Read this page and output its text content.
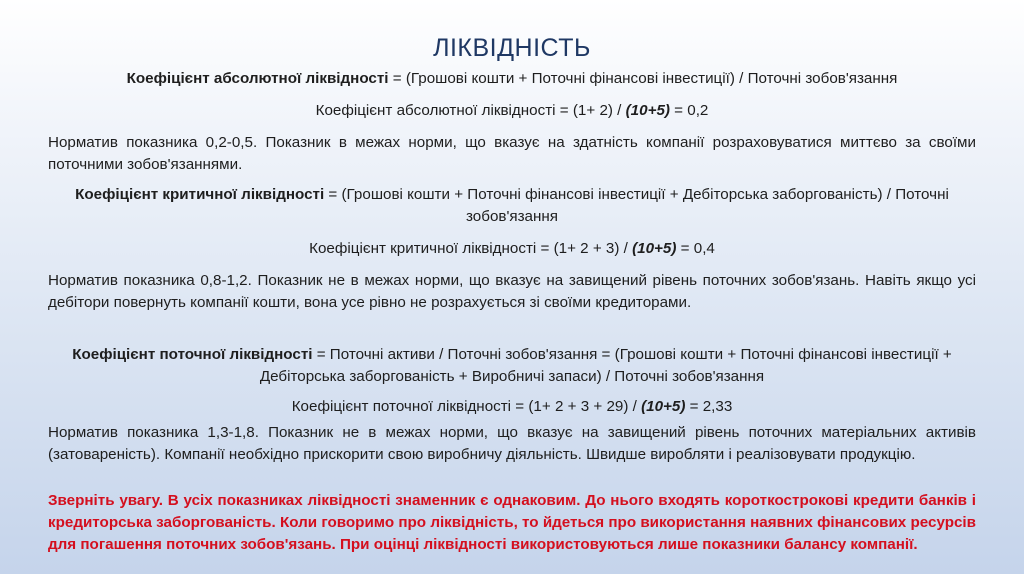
ЛІКВІДНІСТЬ
Коефіцієнт абсолютної ліквідності = (Грошові кошти + Поточні фінансові інвестиції) / Поточні зобов'язання
Коефіцієнт абсолютної ліквідності = (1+ 2) / (10+5) = 0,2
Норматив показника 0,2-0,5. Показник в межах норми, що вказує на здатність компанії розраховуватися миттєво за своїми поточними зобов'язаннями.
Коефіцієнт критичної ліквідності = (Грошові кошти + Поточні фінансові інвестиції + Дебіторська заборгованість) / Поточні зобов'язання
Коефіцієнт критичної ліквідності = (1+ 2 + 3) / (10+5) = 0,4
Норматив показника 0,8-1,2. Показник не в межах норми, що вказує на завищений рівень поточних зобов'язань. Навіть якщо усі дебітори повернуть компанії кошти, вона усе рівно не розрахується зі своїми кредиторами.
Коефіцієнт поточної ліквідності = Поточні активи / Поточні зобов'язання = (Грошові кошти + Поточні фінансові інвестиції + Дебіторська заборгованість + Виробничі запаси) / Поточні зобов'язання
Коефіцієнт поточної ліквідності = (1+ 2 + 3 + 29) / (10+5) = 2,33
Норматив показника 1,3-1,8. Показник не в межах норми, що вказує на завищений рівень поточних матеріальних активів (затовареність). Компанії необхідно прискорити свою виробничу діяльність. Швидше виробляти і реалізовувати продукцію.
Зверніть увагу. В усіх показниках ліквідності знаменник є однаковим. До нього входять короткострокові кредити банків і кредиторська заборгованість. Коли говоримо про ліквідність, то йдеться про використання наявних фінансових ресурсів для погашення поточних зобов'язань. При оцінці ліквідності використовуються лише показники балансу компанії.
